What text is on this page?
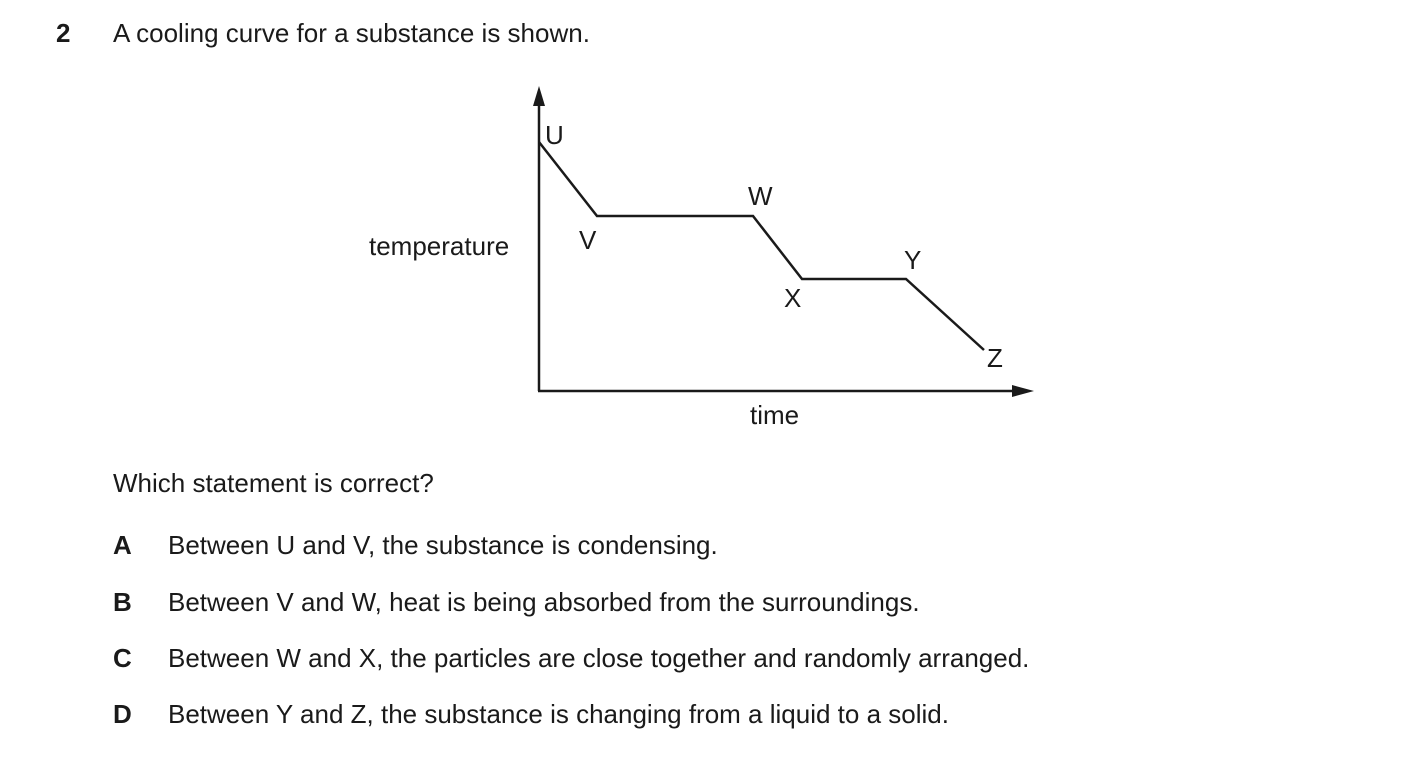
2 A cooling curve for a substance is shown.
temperature
time
U
V
W
X
Y
Z
Which statement is correct?
A	Between U and V, the substance is condensing.
B	Between V and W, heat is being absorbed from the surroundings.
C	Between W and X, the particles are close together and randomly arranged.
D	Between Y and Z, the substance is changing from a liquid to a solid.
